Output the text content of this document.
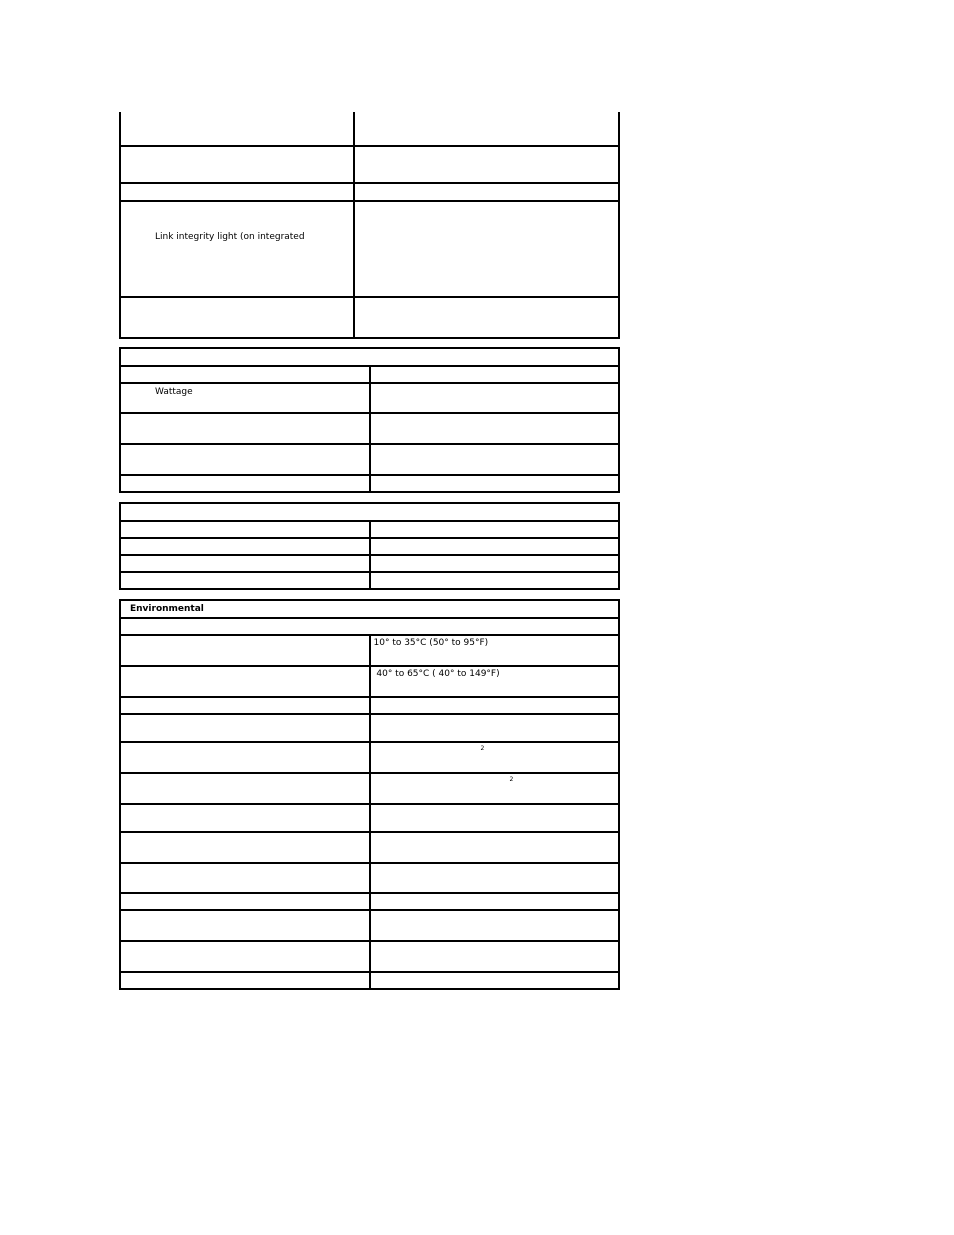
Link integrity light (on integrated	

Wattage	

Environmental	

	10° to 35°C (50° to 95°F)

	40° to 65°C ( 40° to 149°F)

	2

	2
